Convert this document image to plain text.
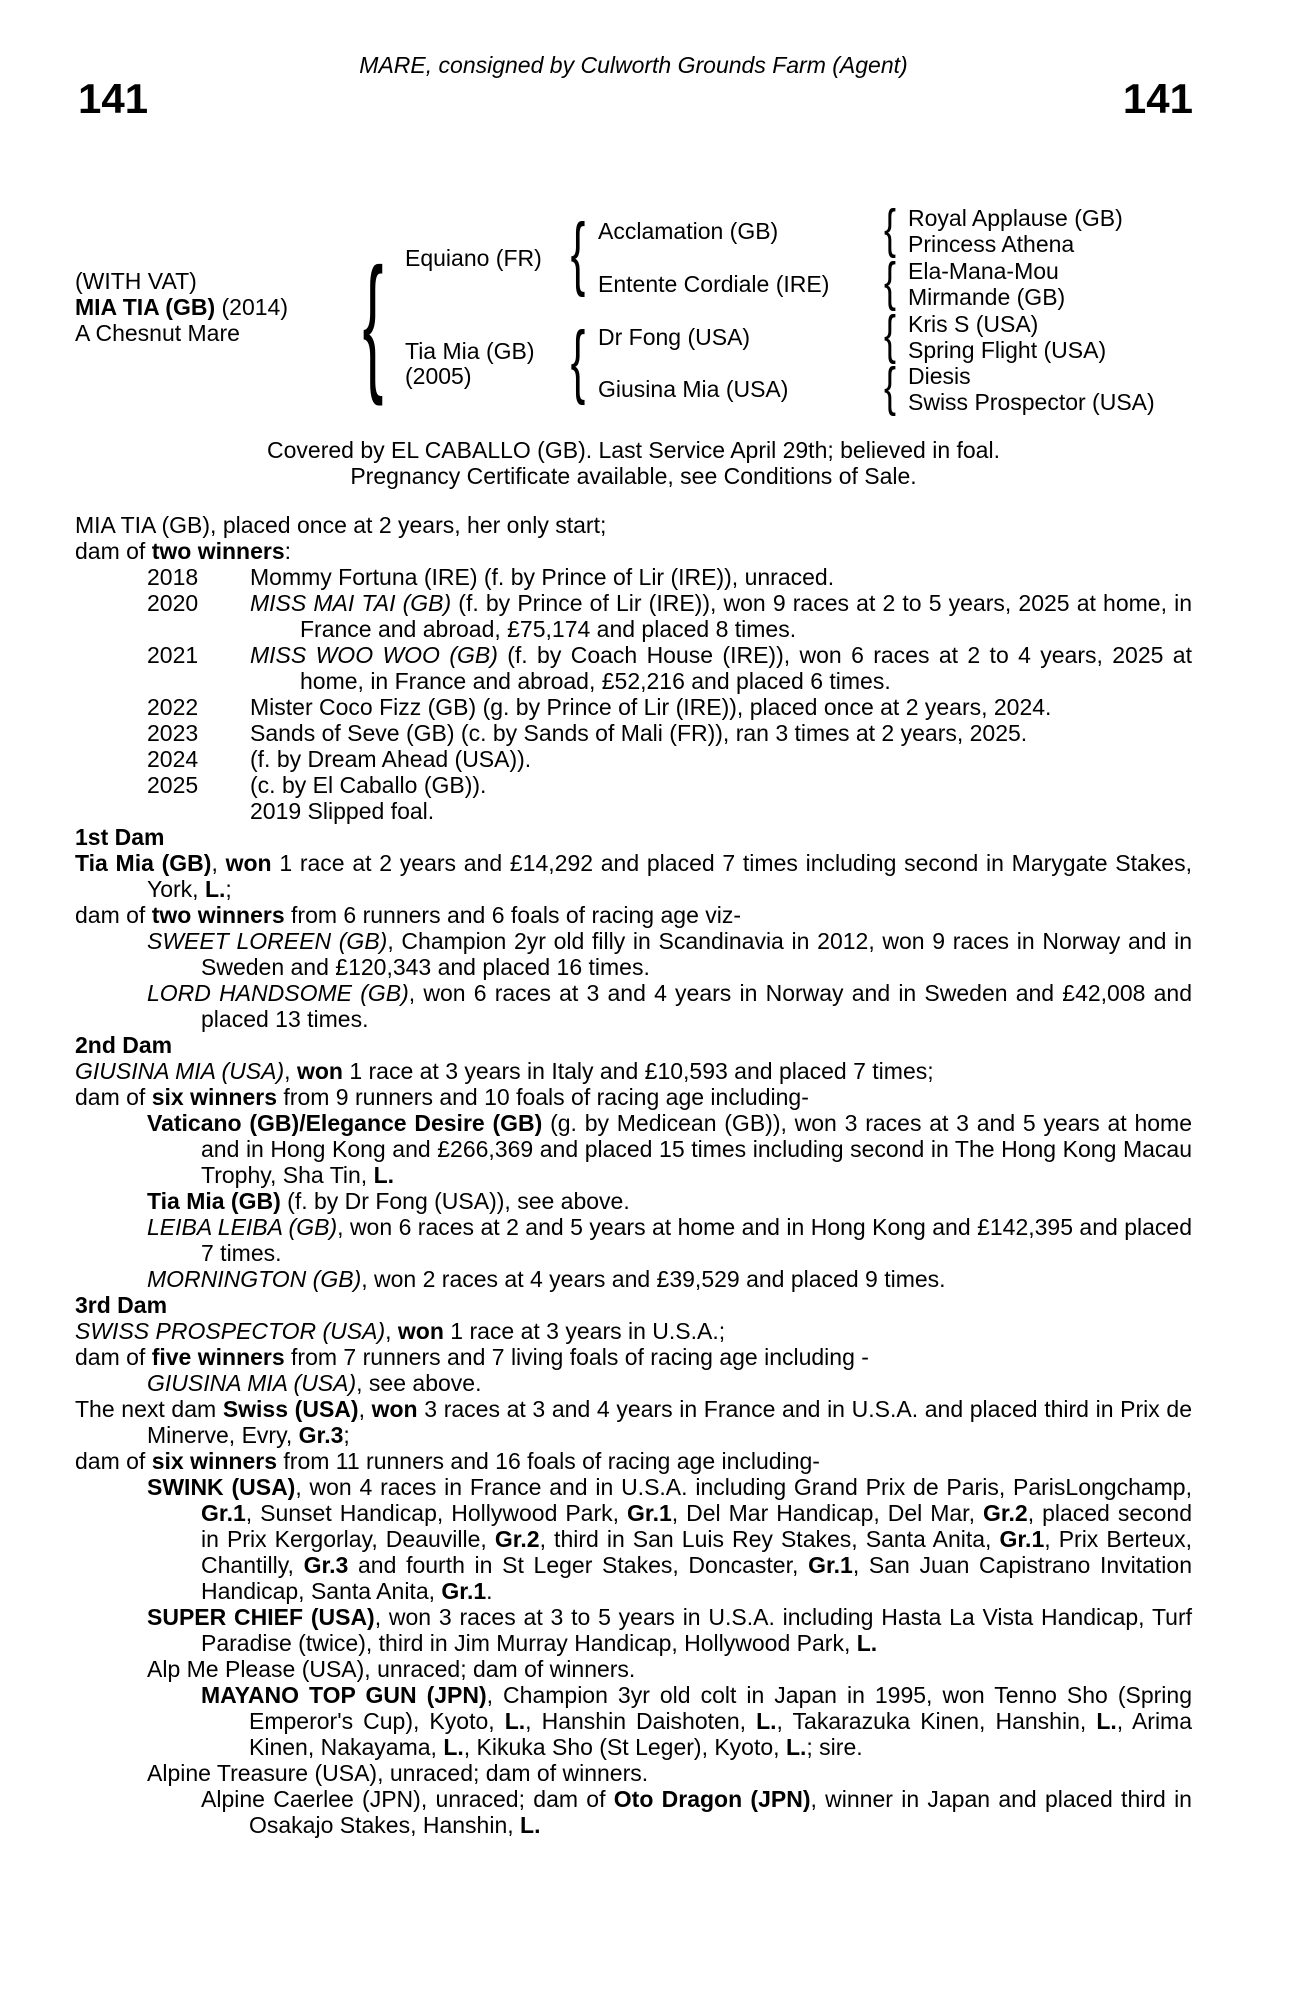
MARE, consigned by Culworth Grounds Farm (Agent)
141	141
(WITH VAT)
MIA TIA (GB) (2014)
A Chesnut Mare { Equiano (FR)
Tia Mia (GB)
(2005)
{
{
Acclamation (GB)
Entente Cordiale (IRE)
Dr Fong (USA)
Giusina Mia (USA)
{
{
{
{
Royal Applause (GB)
Princess Athena
Ela-Mana-Mou
Mirmande (GB)
Kris S (USA)
Spring Flight (USA)
Diesis
Swiss Prospector (USA)
Covered by EL CABALLO (GB). Last Service April 29th; believed in foal.
Pregnancy Certificate available, see Conditions of Sale.

MIA TIA (GB), placed once at 2 years, her only start;

dam of two winners:

2018 Mommy Fortuna (IRE) (f. by Prince of Lir (IRE)), unraced.

2020 MISS MAI TAI (GB) (f. by Prince of Lir (IRE)), won 9 races at 2 to 5 years, 2025 at home, in France and abroad, £75,174 and placed 8 times.

2021 MISS WOO WOO (GB) (f. by Coach House (IRE)), won 6 races at 2 to 4 years, 2025 at home, in France and abroad, £52,216 and placed 6 times.

2022 Mister Coco Fizz (GB) (g. by Prince of Lir (IRE)), placed once at 2 years, 2024.

2023 Sands of Seve (GB) (c. by Sands of Mali (FR)), ran 3 times at 2 years, 2025.

2024 (f. by Dream Ahead (USA)).

2025 (c. by El Caballo (GB)).

2019 Slipped foal.

1st Dam

Tia Mia (GB), won 1 race at 2 years and £14,292 and placed 7 times including second in Marygate Stakes, York, L.;

dam of two winners from 6 runners and 6 foals of racing age viz-

SWEET LOREEN (GB), Champion 2yr old filly in Scandinavia in 2012, won 9 races in Norway and in Sweden and £120,343 and placed 16 times.

LORD HANDSOME (GB), won 6 races at 3 and 4 years in Norway and in Sweden and £42,008 and placed 13 times.

2nd Dam

GIUSINA MIA (USA), won 1 race at 3 years in Italy and £10,593 and placed 7 times;

dam of six winners from 9 runners and 10 foals of racing age including-

Vaticano (GB)/Elegance Desire (GB) (g. by Medicean (GB)), won 3 races at 3 and 5 years at home and in Hong Kong and £266,369 and placed 15 times including second in The Hong Kong Macau Trophy, Sha Tin, L.

Tia Mia (GB) (f. by Dr Fong (USA)), see above.

LEIBA LEIBA (GB), won 6 races at 2 and 5 years at home and in Hong Kong and £142,395 and placed 7 times.

MORNINGTON (GB), won 2 races at 4 years and £39,529 and placed 9 times.

3rd Dam

SWISS PROSPECTOR (USA), won 1 race at 3 years in U.S.A.;

dam of five winners from 7 runners and 7 living foals of racing age including -

GIUSINA MIA (USA), see above.

The next dam Swiss (USA), won 3 races at 3 and 4 years in France and in U.S.A. and placed third in Prix de Minerve, Evry, Gr.3;

dam of six winners from 11 runners and 16 foals of racing age including-

SWINK (USA), won 4 races in France and in U.S.A. including Grand Prix de Paris, ParisLongchamp, Gr.1, Sunset Handicap, Hollywood Park, Gr.1, Del Mar Handicap, Del Mar, Gr.2, placed second in Prix Kergorlay, Deauville, Gr.2, third in San Luis Rey Stakes, Santa Anita, Gr.1, Prix Berteux, Chantilly, Gr.3 and fourth in St Leger Stakes, Doncaster, Gr.1, San Juan Capistrano Invitation Handicap, Santa Anita, Gr.1.

SUPER CHIEF (USA), won 3 races at 3 to 5 years in U.S.A. including Hasta La Vista Handicap, Turf Paradise (twice), third in Jim Murray Handicap, Hollywood Park, L.

Alp Me Please (USA), unraced; dam of winners.

MAYANO TOP GUN (JPN), Champion 3yr old colt in Japan in 1995, won Tenno Sho (Spring Emperor's Cup), Kyoto, L., Hanshin Daishoten, L., Takarazuka Kinen, Hanshin, L., Arima Kinen, Nakayama, L., Kikuka Sho (St Leger), Kyoto, L.; sire.

Alpine Treasure (USA), unraced; dam of winners.

Alpine Caerlee (JPN), unraced; dam of Oto Dragon (JPN), winner in Japan and placed third in Osakajo Stakes, Hanshin, L.
